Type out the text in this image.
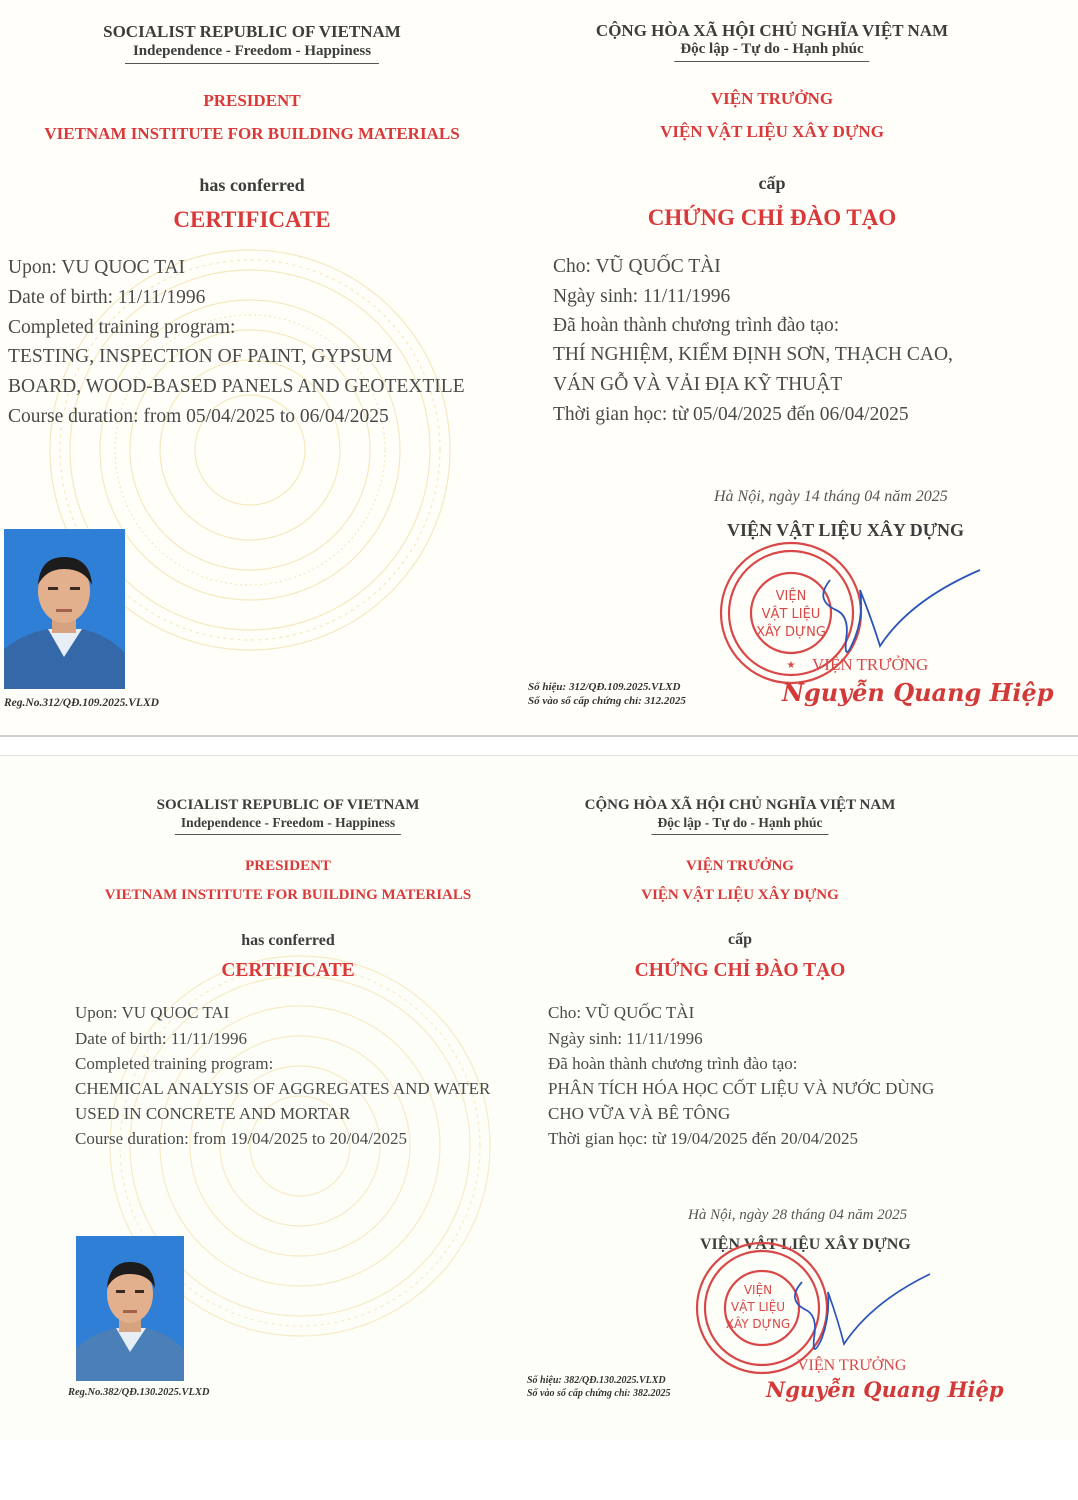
SOCIALIST REPUBLIC OF VIETNAM
Independence - Freedom - Happiness
CỘNG HÒA XÃ HỘI CHỦ NGHĨA VIỆT NAM
Độc lập - Tự do - Hạnh phúc
PRESIDENT
VIETNAM INSTITUTE FOR BUILDING MATERIALS
VIỆN TRƯỞNG
VIỆN VẬT LIỆU XÂY DỰNG
has conferred
CERTIFICATE
cấp
CHỨNG CHỈ ĐÀO TẠO
Upon: VU QUOC TAI
Date of birth: 11/11/1996
Completed training program:
TESTING, INSPECTION OF PAINT, GYPSUM
BOARD, WOOD-BASED PANELS AND GEOTEXTILE
Course duration: from 05/04/2025 to 06/04/2025
Cho: VŨ QUỐC TÀI
Ngày sinh: 11/11/1996
Đã hoàn thành chương trình đào tạo:
THÍ NGHIỆM, KIỂM ĐỊNH SƠN, THẠCH CAO,
VÁN GỖ VÀ VẢI ĐỊA KỸ THUẬT
Thời gian học: từ 05/04/2025 đến 06/04/2025
Hà Nội, ngày 14 tháng 04 năm 2025
VIỆN VẬT LIỆU XÂY DỰNG
Reg.No.312/QĐ.109.2025.VLXD
Số hiệu: 312/QĐ.109.2025.VLXD
Số vào sổ cấp chứng chỉ: 312.2025
VIỆN
VẬT LIỆU
XÂY DỰNG
★ VIỆN TRƯỞNG
Nguyễn Quang Hiệp
SOCIALIST REPUBLIC OF VIETNAM
Independence - Freedom - Happiness
CỘNG HÒA XÃ HỘI CHỦ NGHĨA VIỆT NAM
Độc lập - Tự do - Hạnh phúc
PRESIDENT
VIETNAM INSTITUTE FOR BUILDING MATERIALS
VIỆN TRƯỞNG
VIỆN VẬT LIỆU XÂY DỰNG
has conferred
CERTIFICATE
cấp
CHỨNG CHỈ ĐÀO TẠO
Upon: VU QUOC TAI
Date of birth: 11/11/1996
Completed training program:
CHEMICAL ANALYSIS OF AGGREGATES AND WATER
USED IN CONCRETE AND MORTAR
Course duration: from 19/04/2025 to 20/04/2025
Cho: VŨ QUỐC TÀI
Ngày sinh: 11/11/1996
Đã hoàn thành chương trình đào tạo:
PHÂN TÍCH HÓA HỌC CỐT LIỆU VÀ NƯỚC DÙNG
CHO VỮA VÀ BÊ TÔNG
Thời gian học: từ 19/04/2025 đến 20/04/2025
Hà Nội, ngày 28 tháng 04 năm 2025
VIỆN VẬT LIỆU XÂY DỰNG
Reg.No.382/QĐ.130.2025.VLXD
Số hiệu: 382/QĐ.130.2025.VLXD
Số vào sổ cấp chứng chỉ: 382.2025
VIỆN
VẬT LIỆU
XÂY DỰNG
VIỆN TRƯỞNG
Nguyễn Quang Hiệp
